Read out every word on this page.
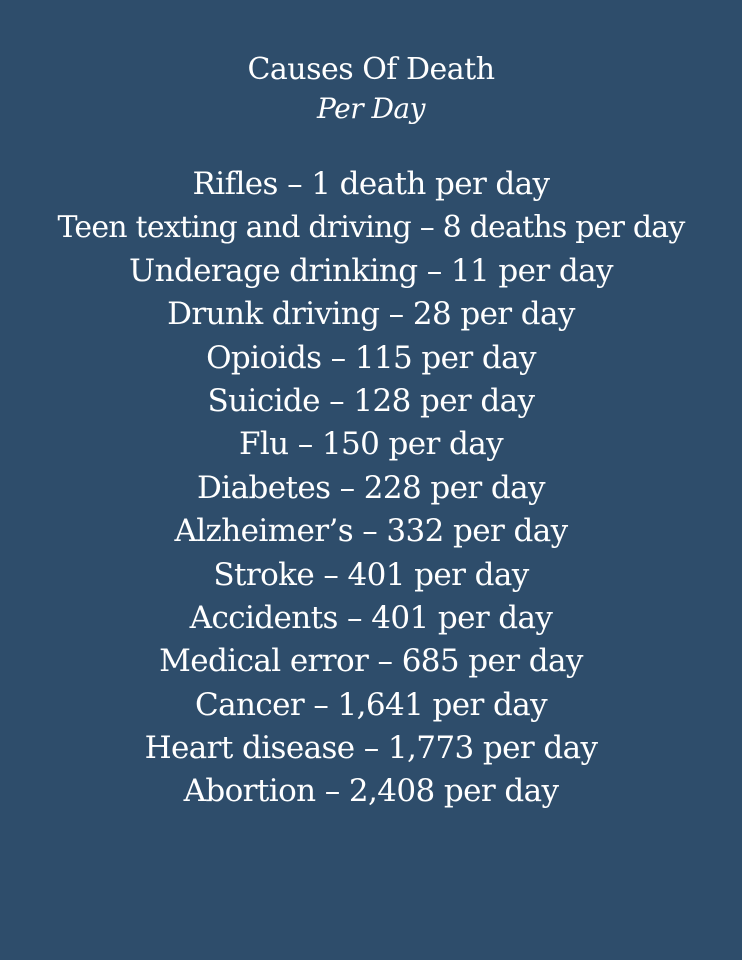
Causes Of Death
Per Day
Rifles – 1 death per day
Teen texting and driving – 8 deaths per day
Underage drinking – 11 per day
Drunk driving – 28 per day
Opioids – 115 per day
Suicide – 128 per day
Flu – 150 per day
Diabetes – 228 per day
Alzheimer’s – 332 per day
Stroke – 401 per day
Accidents – 401 per day
Medical error – 685 per day
Cancer – 1,641 per day
Heart disease – 1,773 per day
Abortion – 2,408 per day
